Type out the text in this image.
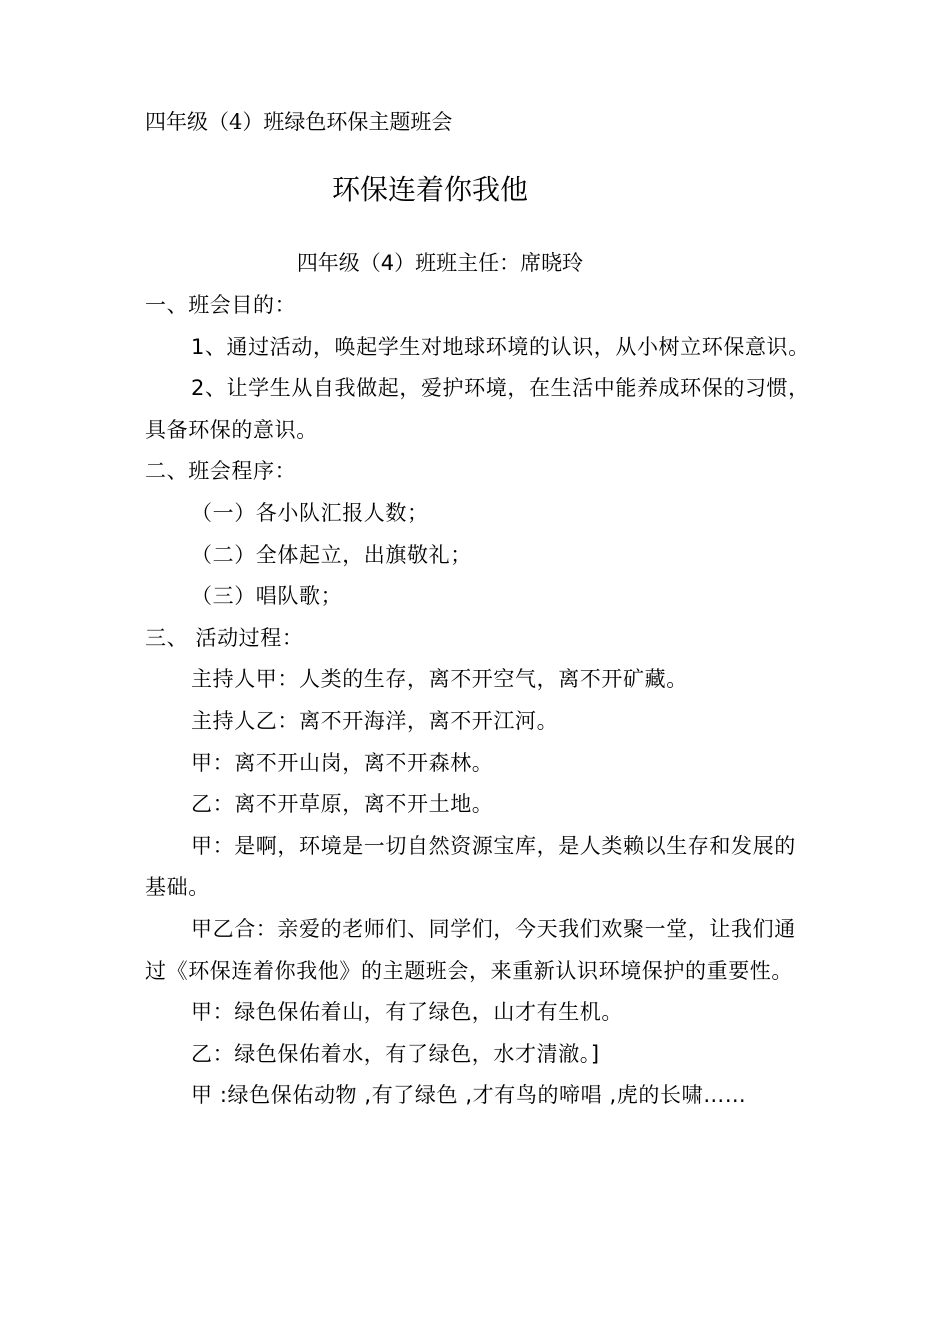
四年级（4）班绿色环保主题班会
环保连着你我他
四年级（4）班班主任：席晓玲

一、班会目的：

1、通过活动，唤起学生对地球环境的认识，从小树立环保意识。

2、让学生从自我做起，爱护环境，在生活中能养成环保的习惯，具备环保的意识。

二、班会程序：

（一）各小队汇报人数；

（二）全体起立，出旗敬礼；

（三）唱队歌；

三、 活动过程：

主持人甲：人类的生存，离不开空气，离不开矿藏。

主持人乙：离不开海洋，离不开江河。

甲：离不开山岗，离不开森林。

乙：离不开草原，离不开土地。

甲：是啊，环境是一切自然资源宝库，是人类赖以生存和发展的基础。

甲乙合：亲爱的老师们、同学们，今天我们欢聚一堂，让我们通过《环保连着你我他》的主题班会，来重新认识环境保护的重要性。

甲：绿色保佑着山，有了绿色，山才有生机。

乙：绿色保佑着水，有了绿色，水才清澈。]

甲 :绿色保佑动物 ,有了绿色 ,才有鸟的啼唱 ,虎的长啸……
